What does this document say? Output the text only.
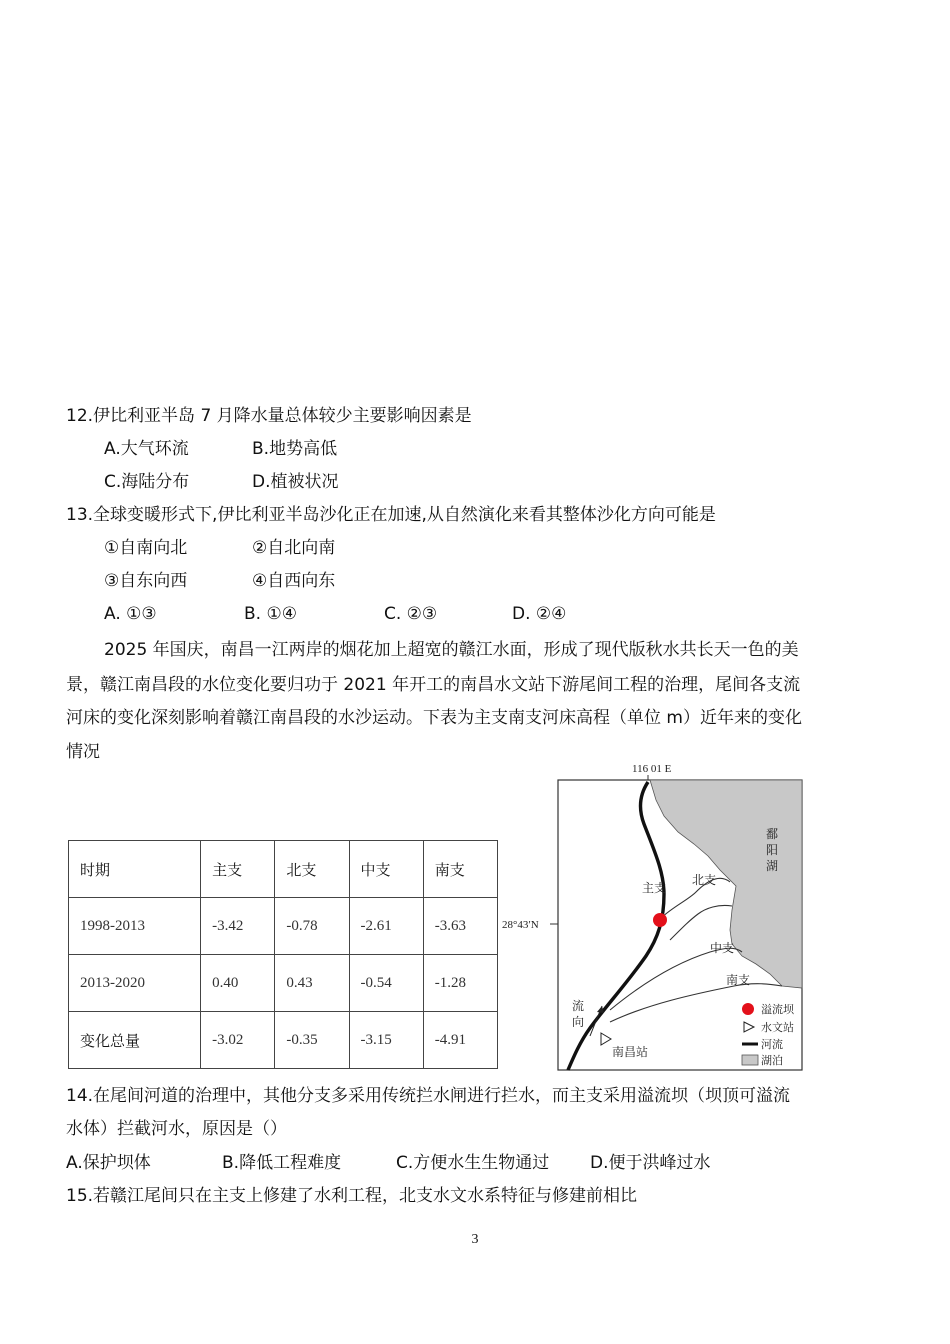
12.伊比利亚半岛 7 月降水量总体较少主要影响因素是
A.大气环流	B.地势高低
C.海陆分布	D.植被状况
13.全球变暖形式下,伊比利亚半岛沙化正在加速,从自然演化来看其整体沙化方向可能是
①自南向北	②自北向南
③自东向西	④自西向东
A. ①③	B. ①④	C. ②③	D. ②④
2025 年国庆，南昌一江两岸的烟花加上超宽的赣江水面，形成了现代版秋水共长天一色的美
景，赣江南昌段的水位变化要归功于 2021 年开工的南昌水文站下游尾间工程的治理，尾间各支流
河床的变化深刻影响着赣江南昌段的水沙运动。下表为主支南支河床高程（单位 m）近年来的变化
情况
时期	主支	北支	中支	南支
1998-2013	-3.42	-0.78	-2.61	-3.63
2013-2020	0.40	0.43	-0.54	-1.28
变化总量	-3.02	-0.35	-3.15	-4.91
116 01 E
28°43′N
鄱
阳
湖
主支
北支
中支
南支
流
向
南昌站
溢流坝
水文站
河流
湖泊
14.在尾间河道的治理中，其他分支多采用传统拦水闸进行拦水，而主支采用溢流坝（坝顶可溢流
水体）拦截河水，原因是（）
A.保护坝体	B.降低工程难度	C.方便水生生物通过 D.便于洪峰过水
15.若赣江尾间只在主支上修建了水利工程，北支水文水系特征与修建前相比
3
